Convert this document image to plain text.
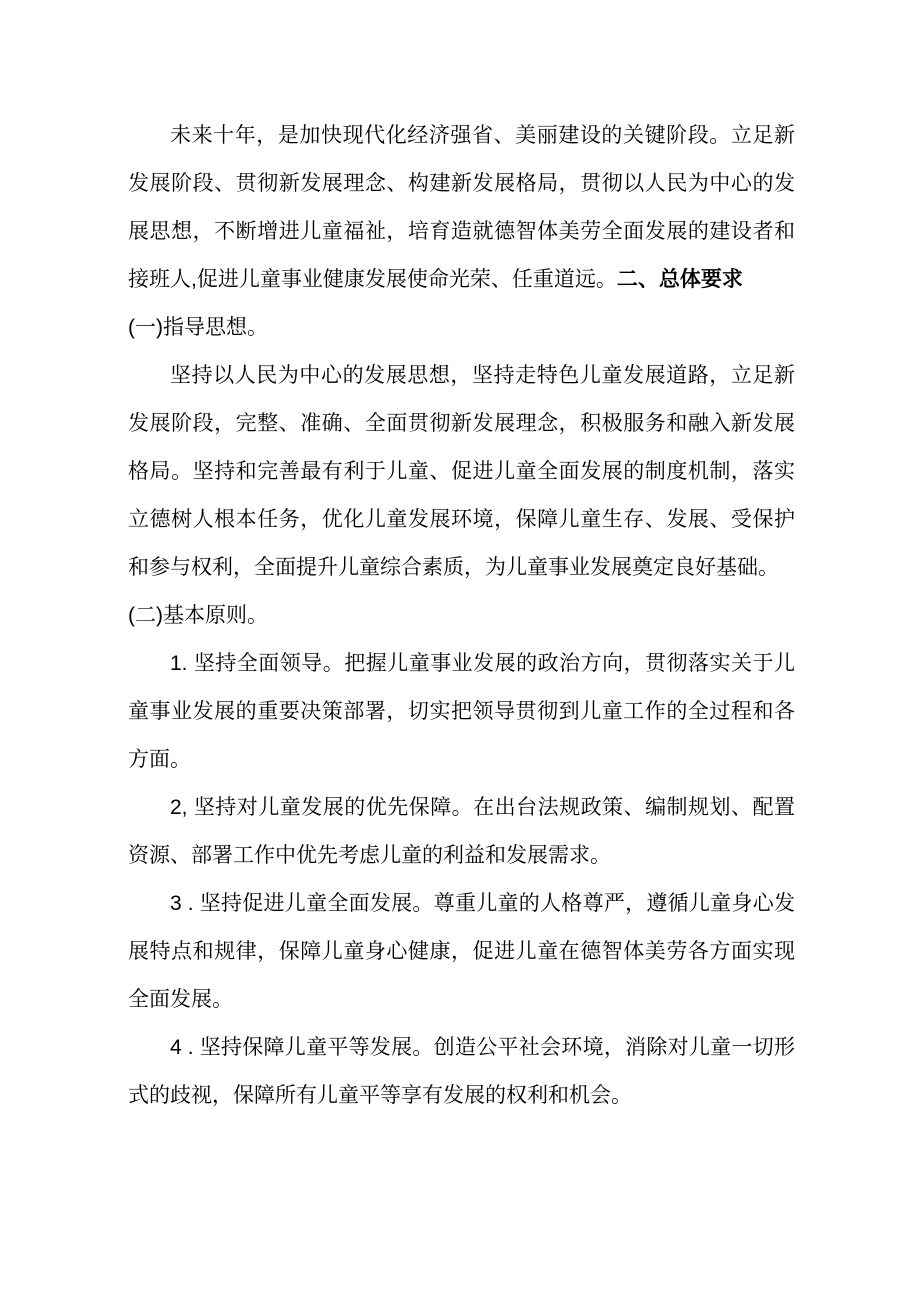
未来十年，是加快现代化经济强省、美丽建设的关键阶段。立足新发展阶段、贯彻新发展理念、构建新发展格局，贯彻以人民为中心的发展思想，不断增进儿童福祉，培育造就德智体美劳全面发展的建设者和接班人,促进儿童事业健康发展使命光荣、任重道远。二、总体要求

(一)指导思想。

坚持以人民为中心的发展思想，坚持走特色儿童发展道路，立足新发展阶段，完整、准确、全面贯彻新发展理念，积极服务和融入新发展格局。坚持和完善最有利于儿童、促进儿童全面发展的制度机制，落实立德树人根本任务，优化儿童发展环境，保障儿童生存、发展、受保护和参与权利，全面提升儿童综合素质，为儿童事业发展奠定良好基础。

(二)基本原则。

1. 坚持全面领导。把握儿童事业发展的政治方向，贯彻落实关于儿童事业发展的重要决策部署，切实把领导贯彻到儿童工作的全过程和各方面。

2, 坚持对儿童发展的优先保障。在出台法规政策、编制规划、配置资源、部署工作中优先考虑儿童的利益和发展需求。

3 . 坚持促进儿童全面发展。尊重儿童的人格尊严，遵循儿童身心发展特点和规律，保障儿童身心健康，促进儿童在德智体美劳各方面实现全面发展。

4 . 坚持保障儿童平等发展。创造公平社会环境，消除对儿童一切形式的歧视，保障所有儿童平等享有发展的权利和机会。
